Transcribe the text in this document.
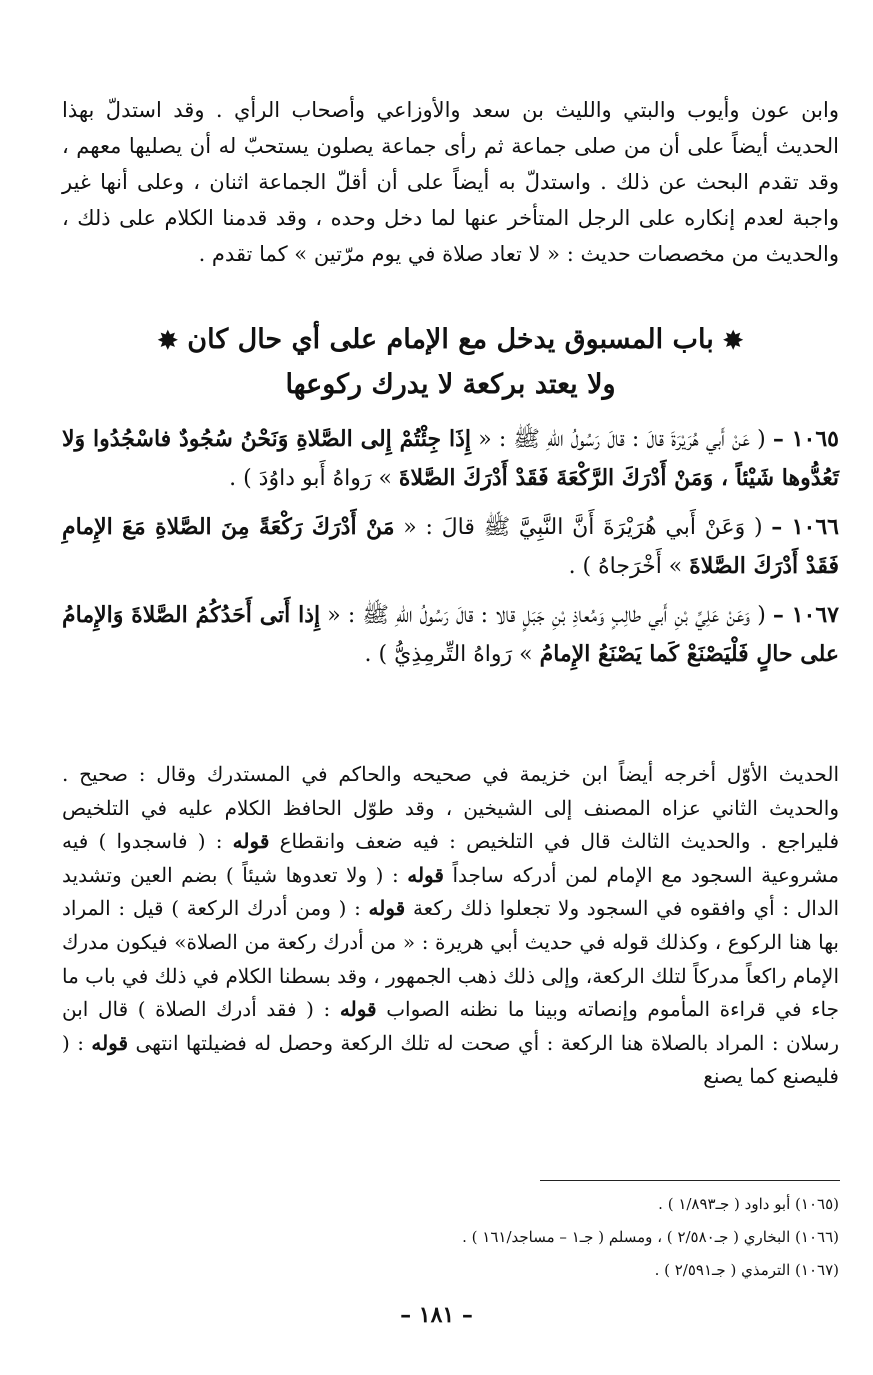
وابن عون وأيوب والبتي والليث بن سعد والأوزاعي وأصحاب الرأي . وقد استدلّ بهذا الحديث أيضاً على أن من صلى جماعة ثم رأى جماعة يصلون يستحبّ له أن يصليها معهم ، وقد تقدم البحث عن ذلك . واستدلّ به أيضاً على أن أقلّ الجماعة اثنان ، وعلى أنها غير واجبة لعدم إنكاره على الرجل المتأخر عنها لما دخل وحده ، وقد قدمنا الكلام على ذلك ، والحديث من مخصصات حديث : « لا تعاد صلاة في يوم مرّتين » كما تقدم .
✸ باب المسبوق يدخل مع الإمام على أي حال كان ✸
ولا يعتد بركعة لا يدرك ركوعها

١٠٦٥ – ( عَنْ أَبي هُرَيْرَةَ قالَ : قالَ رَسُولُ اللهِ ﷺ : « إِذَا جِئْتُمْ إِلى الصَّلاةِ وَنَحْنُ سُجُودٌ فاسْجُدُوا وَلا تَعُدُّوها شَيْئاً ، وَمَنْ أَدْرَكَ الرَّكْعَةَ فَقَدْ أَدْرَكَ الصَّلاةَ » رَواهُ أَبو داوُدَ ) .

١٠٦٦ – ( وَعَنْ أَبي هُرَيْرَةَ أَنَّ النَّبِيَّ ﷺ قالَ : « مَنْ أَدْرَكَ رَكْعَةً مِنَ الصَّلاةِ مَعَ الإِمامِ فَقَدْ أَدْرَكَ الصَّلاةَ » أَخْرَجاهُ ) .

١٠٦٧ – ( وَعَنْ عَلِيِّ بْنِ أَبي طالِبٍ وَمُعاذِ بْنِ جَبَلٍ قالا : قالَ رَسُولُ اللهِ ﷺ : « إِذا أَتى أَحَدُكُمُ الصَّلاةَ وَالإِمامُ على حالٍ فَلْيَصْنَعْ كَما يَصْنَعُ الإِمامُ » رَواهُ التِّرمِذِيُّ ) .

الحديث الأوّل أخرجه أيضاً ابن خزيمة في صحيحه والحاكم في المستدرك وقال : صحيح . والحديث الثاني عزاه المصنف إلى الشيخين ، وقد طوّل الحافظ الكلام عليه في التلخيص فليراجع . والحديث الثالث قال في التلخيص : فيه ضعف وانقطاع قوله : ( فاسجدوا ) فيه مشروعية السجود مع الإمام لمن أدركه ساجداً قوله : ( ولا تعدوها شيئاً ) بضم العين وتشديد الدال : أي وافقوه في السجود ولا تجعلوا ذلك ركعة قوله : ( ومن أدرك الركعة ) قيل : المراد بها هنا الركوع ، وكذلك قوله في حديث أبي هريرة : « من أدرك ركعة من الصلاة» فيكون مدرك الإمام راكعاً مدركاً لتلك الركعة، وإلى ذلك ذهب الجمهور ، وقد بسطنا الكلام في ذلك في باب ما جاء في قراءة المأموم وإنصاته وبينا ما نظنه الصواب قوله : ( فقد أدرك الصلاة ) قال ابن رسلان : المراد بالصلاة هنا الركعة : أي صحت له تلك الركعة وحصل له فضيلتها انتهى قوله : ( فليصنع كما يصنع
(١٠٦٥) أبو داود ( جـ١/٨٩٣ ) .
(١٠٦٦) البخاري ( جـ٢/٥٨٠ ) ، ومسلم ( جـ١ – مساجد/١٦١ ) .
(١٠٦٧) الترمذي ( جـ٢/٥٩١ ) .
– ١٨١ –
